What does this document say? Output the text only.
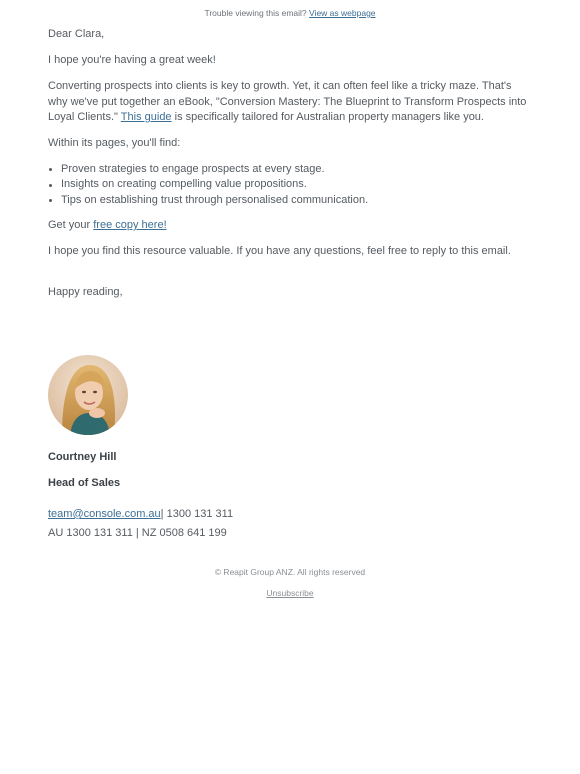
Trouble viewing this email? View as webpage

Dear Clara,

I hope you're having a great week!

Converting prospects into clients is key to growth. Yet, it can often feel like a tricky maze. That's why we've put together an eBook, "Conversion Mastery: The Blueprint to Transform Prospects into Loyal Clients." This guide is specifically tailored for Australian property managers like you.

Within its pages, you'll find:

Proven strategies to engage prospects at every stage.
Insights on creating compelling value propositions.
Tips on establishing trust through personalised communication.

Get your free copy here!

I hope you find this resource valuable. If you have any questions, feel free to reply to this email.

Happy reading,

Courtney Hill
Head of Sales
team@console.com.au| 1300 131 311
AU 1300 131 311 | NZ 0508 641 199
© Reapit Group ANZ. All rights reserved
Unsubscribe
